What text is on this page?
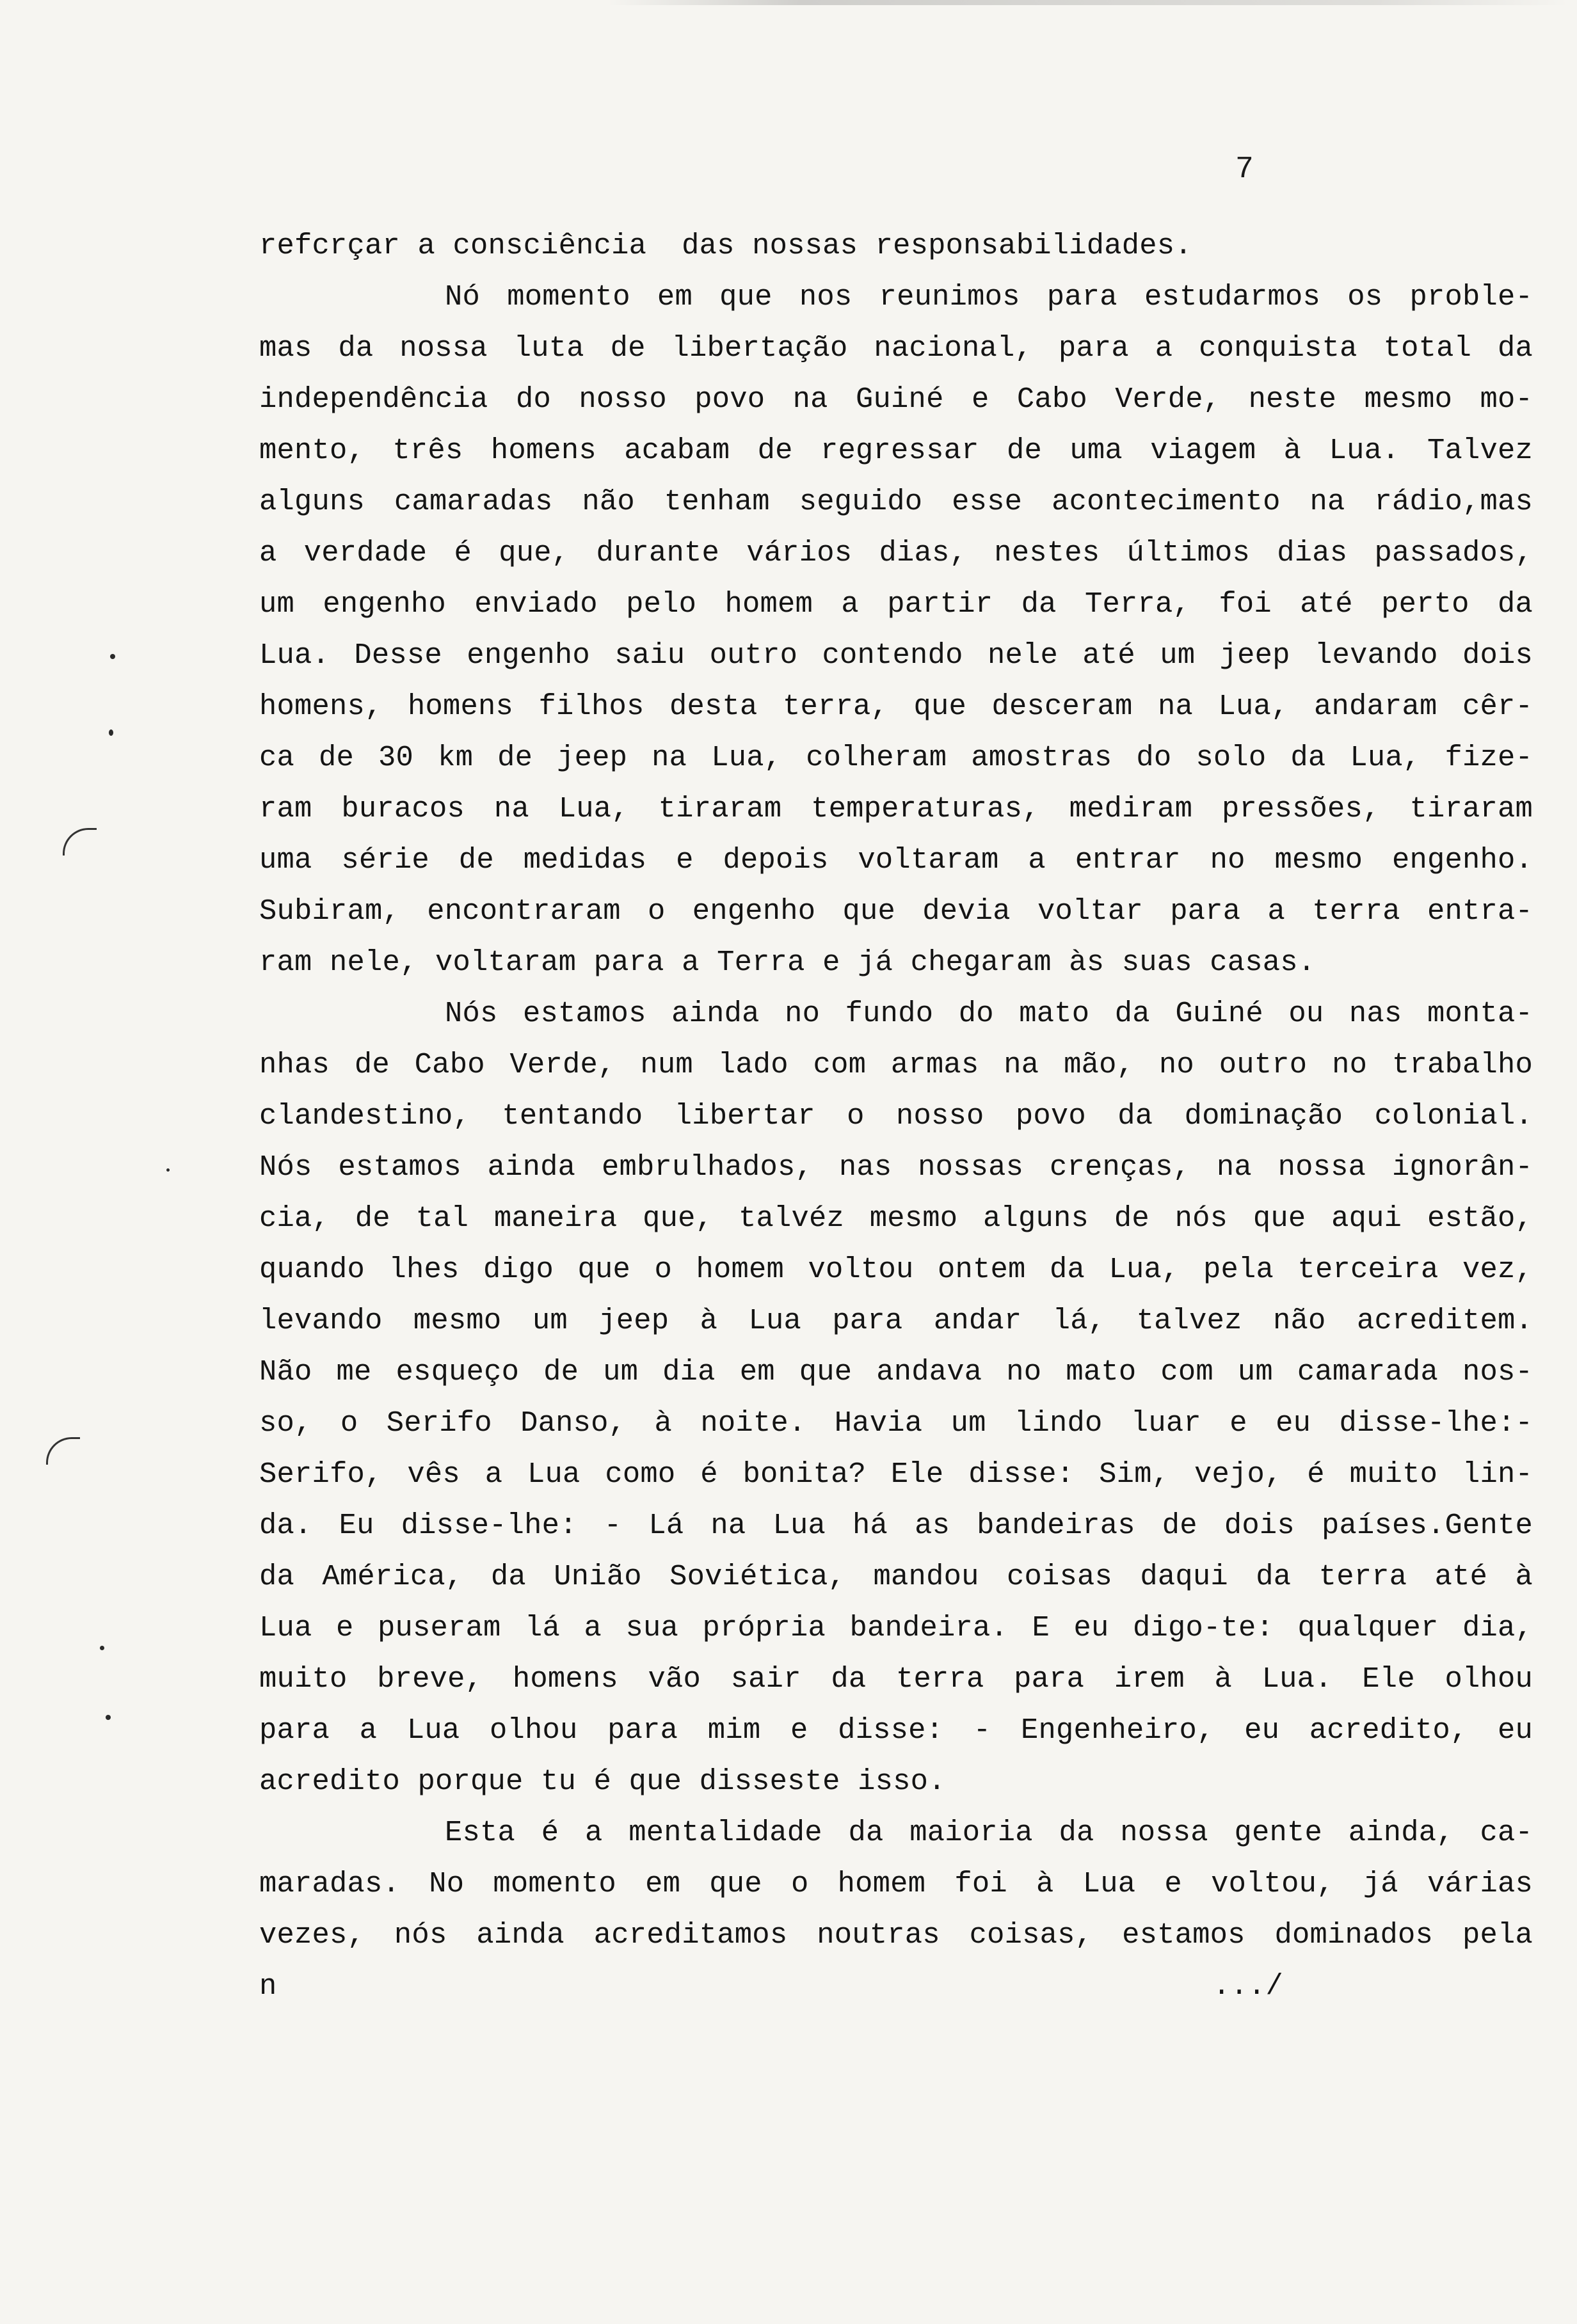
7
refcrçar a consciência  das nossas responsabilidades.
Nó momento em que nos reunimos para estudarmos os proble-
mas da nossa luta de libertação nacional, para a conquista total da
independência do nosso povo na Guiné e Cabo Verde, neste mesmo mo-
mento, três homens acabam de regressar de uma viagem à Lua. Talvez
alguns camaradas não tenham seguido esse acontecimento na rádio,mas
a verdade é que, durante vários dias, nestes últimos dias passados,
um engenho enviado pelo homem a partir da Terra, foi até perto da
Lua. Desse engenho saiu outro contendo nele até um jeep levando dois
homens, homens filhos desta terra, que desceram na Lua, andaram cêr-
ca de 30 km de jeep na Lua, colheram amostras do solo da Lua, fize-
ram buracos na Lua, tiraram temperaturas, mediram pressões, tiraram
uma série de medidas e depois voltaram a entrar no mesmo engenho.
Subiram, encontraram o engenho que devia voltar para a terra entra-
ram nele, voltaram para a Terra e já chegaram às suas casas.
Nós estamos ainda no fundo do mato da Guiné ou nas monta-
nhas de Cabo Verde, num lado com armas na mão, no outro no trabalho
clandestino, tentando libertar o nosso povo da dominação colonial.
Nós estamos ainda embrulhados, nas nossas crenças, na nossa ignorân-
cia, de tal maneira que, talvéz mesmo alguns de nós que aqui estão,
quando lhes digo que o homem voltou ontem da Lua, pela terceira vez,
levando mesmo um jeep à Lua para andar lá, talvez não acreditem.
Não me esqueço de um dia em que andava no mato com um camarada nos-
so, o Serifo Danso, à noite. Havia um lindo luar e eu disse-lhe:-
Serifo, vês a Lua como é bonita? Ele disse: Sim, vejo, é muito lin-
da. Eu disse-lhe: - Lá na Lua há as bandeiras de dois países.Gente
da América, da União Soviética, mandou coisas daqui da terra até à
Lua e puseram lá a sua própria bandeira. E eu digo-te: qualquer dia,
muito breve, homens vão sair da terra para irem à Lua. Ele olhou
para a Lua olhou para mim e disse: - Engenheiro, eu acredito, eu
acredito porque tu é que disseste isso.
Esta é a mentalidade da maioria da nossa gente ainda, ca-
maradas. No momento em que o homem foi à Lua e voltou, já várias
vezes, nós ainda acreditamos noutras coisas, estamos dominados pela
n	.../
